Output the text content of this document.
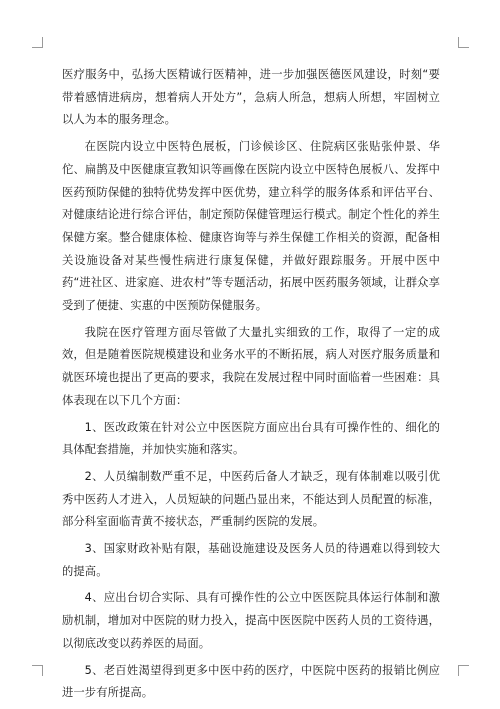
医疗服务中，弘扬大医精诚行医精神，进一步加强医德医风建设，时刻“要带着感情进病房，想着病人开处方”，急病人所急，想病人所想，牢固树立以人为本的服务理念。

在医院内设立中医特色展板，门诊候诊区、住院病区张贴张仲景、华佗、扁鹊及中医健康宣教知识等画像在医院内设立中医特色展板八、发挥中医药预防保健的独特优势发挥中医优势，建立科学的服务体系和评估平台、对健康结论进行综合评估，制定预防保健管理运行模式。制定个性化的养生保健方案。整合健康体检、健康咨询等与养生保健工作相关的资源，配备相关设施设备对某些慢性病进行康复保健，并做好跟踪服务。开展中医中药“进社区、进家庭、进农村”等专题活动，拓展中医药服务领域，让群众享受到了便捷、实惠的中医预防保健服务。

我院在医疗管理方面尽管做了大量扎实细致的工作，取得了一定的成效，但是随着医院规模建设和业务水平的不断拓展，病人对医疗服务质量和就医环境也提出了更高的要求，我院在发展过程中同时面临着一些困难：具体表现在以下几个方面：

1、医改政策在针对公立中医医院方面应出台具有可操作性的、细化的具体配套措施，并加快实施和落实。

2、人员编制数严重不足，中医药后备人才缺乏，现有体制难以吸引优秀中医药人才进入，人员短缺的问题凸显出来，不能达到人员配置的标准，部分科室面临青黄不接状态，严重制约医院的发展。

3、国家财政补贴有限，基础设施建设及医务人员的待遇难以得到较大的提高。

4、应出台切合实际、具有可操作性的公立中医医院具体运行体制和激励机制，增加对中医院的财力投入，提高中医医院中医药人员的工资待遇，以彻底改变以药养医的局面。

5、老百姓渴望得到更多中医中药的医疗，中医院中医药的报销比例应进一步有所提高。
